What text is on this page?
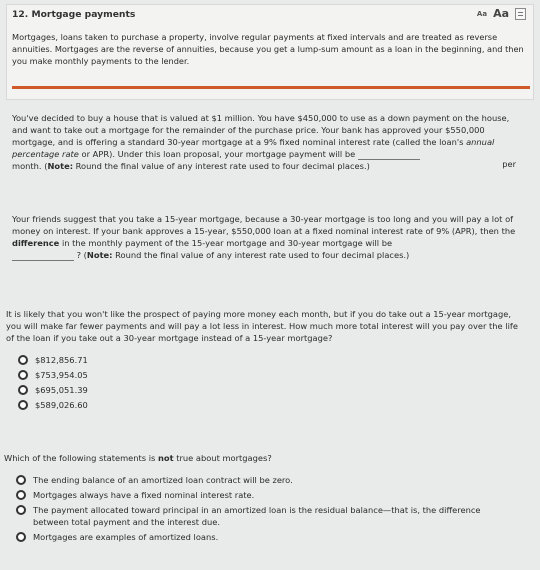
12. Mortgage payments	Aa Aa
Mortgages, loans taken to purchase a property, involve regular payments at fixed intervals and are treated as reverse annuities. Mortgages are the reverse of annuities, because you get a lump-sum amount as a loan in the beginning, and then you make monthly payments to the lender.
You've decided to buy a house that is valued at $1 million. You have $450,000 to use as a down payment on the house, and want to take out a mortgage for the remainder of the purchase price. Your bank has approved your $550,000 mortgage, and is offering a standard 30-year mortgage at a 9% fixed nominal interest rate (called the loan's annual percentage rate or APR). Under this loan proposal, your mortgage payment will be
per

month. (Note: Round the final value of any interest rate used to four decimal places.)
Your friends suggest that you take a 15-year mortgage, because a 30-year mortgage is too long and you will pay a lot of money on interest. If your bank approves a 15-year, $550,000 loan at a fixed nominal interest rate of 9% (APR), then the difference in the monthly payment of the 15-year mortgage and 30-year mortgage will be
? (Note: Round the final value of any interest rate used to four decimal places.)
It is likely that you won't like the prospect of paying more money each month, but if you do take out a 15-year mortgage, you will make far fewer payments and will pay a lot less in interest. How much more total interest will you pay over the life of the loan if you take out a 30-year mortgage instead of a 15-year mortgage?
$812,856.71
$753,954.05
$695,051.39
$589,026.60
Which of the following statements is not true about mortgages?
The ending balance of an amortized loan contract will be zero.
Mortgages always have a fixed nominal interest rate.
The payment allocated toward principal in an amortized loan is the residual balance—that is, the difference between total payment and the interest due.
Mortgages are examples of amortized loans.
